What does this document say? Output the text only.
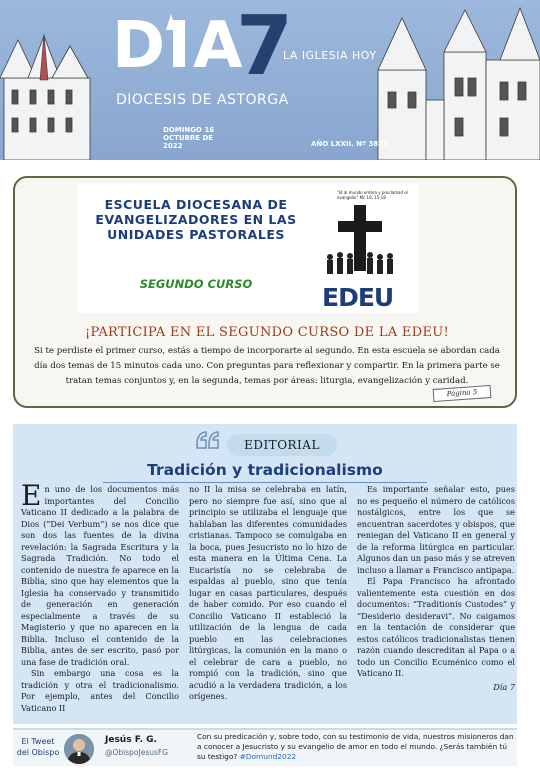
DIA
7
LA IGLESIA HOY
DIOCESIS DE ASTORGA
DOMINGO 16 OCTUBRE DE 2022	AÑO LXXII. Nº 3825
ESCUELA DIOCESANA DE EVANGELIZADORES EN LAS UNIDADES PASTORALES
SEGUNDO CURSO
"Id al mundo entero y proclamad el evangelio" Mc 16, 15-18
EDEU
¡PARTICIPA EN EL SEGUNDO CURSO DE LA EDEU!

Si te perdiste el primer curso, estás a tiempo de incorporarte al segundo. En esta escuela se abordan cada día dos temas de 15 minutos cada uno. Con preguntas para reflexionar y compartir. En la primera parte se tratan temas conjuntos y, en la segunda, temas por áreas: liturgia, evangelización y caridad.

Página 5
EDITORIAL
Tradición y tradicionalismo

En uno de los documentos más importantes del Concilio Vaticano II dedicado a la palabra de Dios (“Dei Verbum”) se nos dice que son dos las fuentes de la divina revelación: la Sagrada Escritura y la Sagrada Tradición. No todo el contenido de nuestra fe aparece en la Biblia, sino que hay elementos que la Iglesia ha conservado y transmitido de generación en generación especialmente a través de su Magisterio y que no aparecen en la Biblia. Incluso el contenido de la Biblia, antes de ser escrito, pasó por una fase de tradición oral.

Sin embargo una cosa es la tradición y otra el tradicionalismo. Por ejemplo, antes del Concilio Vaticano II

no II la misa se celebraba en latín, pero no siempre fue así, sino que al principio se utilizaba el lenguaje que hablaban las diferentes comunidades cristianas. Tampoco se comulgaba en la boca, pues Jesucristo no lo hizo de esta manera en la Última Cena. La Eucaristía no se celebraba de espaldas al pueblo, sino que tenía lugar en casas particulares, después de haber comido. Por eso cuando el Concilio Vaticano II estableció la utilización de la lengua de cada pueblo en las celebraciones litúrgicas, la comunión en la mano o el celebrar de cara a pueblo, no rompió con la tradición, sino que acudió a la verdadera tradición, a los orígenes.

Es importante señalar esto, pues no es pequeño el número de católicos nostálgicos, entre los que se encuentran sacerdotes y obispos, que reniegan del Vaticano II en general y de la reforma litúrgica en particular. Algunos dan un paso más y se atreven incluso a llamar a Francisco antipapa.

El Papa Francisco ha afrontado valientemente esta cuestión en dos documentos: “Traditionis Custodes” y “Desiderio desideravi”. No caigamos en la tentación de considerar que estos católicos tradicionalistas tienen razón cuando descreditan al Papa o a todo un Concilio Ecuménico como el Vaticano II.

Día 7
El Tweet del Obispo
Jesús F. G.
@ObispoJesusFG
Con su predicación y, sobre todo, con su testimonio de vida, nuestros misioneros dan a conocer a Jesucristo y su evangelio de amor en todo el mundo. ¿Serás también tú su testigo? #Domund2022
